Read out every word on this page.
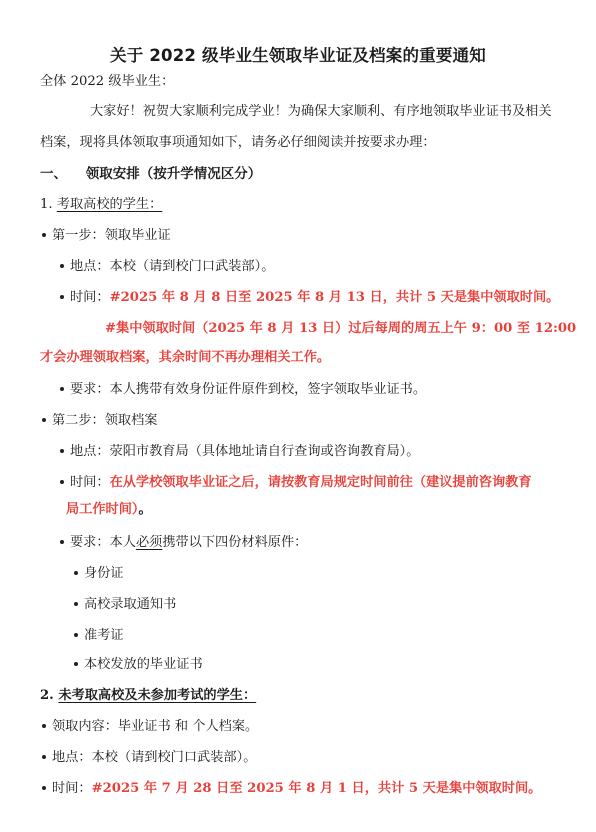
关于 2022 级毕业生领取毕业证及档案的重要通知
全体 2022 级毕业生：
大家好！祝贺大家顺利完成学业！为确保大家顺利、有序地领取毕业证书及相关
档案，现将具体领取事项通知如下，请务必仔细阅读并按要求办理：
一、 领取安排（按升学情况区分）
1. 考取高校的学生：
第一步：领取毕业证
地点：本校（请到校门口武装部）。
时间：#2025 年 8 月 8 日至 2025 年 8 月 13 日，共计 5 天是集中领取时间。
#集中领取时间（2025 年 8 月 13 日）过后每周的周五上午 9：00 至 12:00
才会办理领取档案，其余时间不再办理相关工作。
要求：本人携带有效身份证件原件到校，签字领取毕业证书。
第二步：领取档案
地点：荥阳市教育局（具体地址请自行查询或咨询教育局）。
时间：在从学校领取毕业证之后，请按教育局规定时间前往（建议提前咨询教育
局工作时间）。
要求：本人必须携带以下四份材料原件：
身份证
高校录取通知书
准考证
本校发放的毕业证书
2. 未考取高校及未参加考试的学生：
领取内容：毕业证书 和 个人档案。
地点：本校（请到校门口武装部）。
时间：#2025 年 7 月 28 日至 2025 年 8 月 1 日，共计 5 天是集中领取时间。
